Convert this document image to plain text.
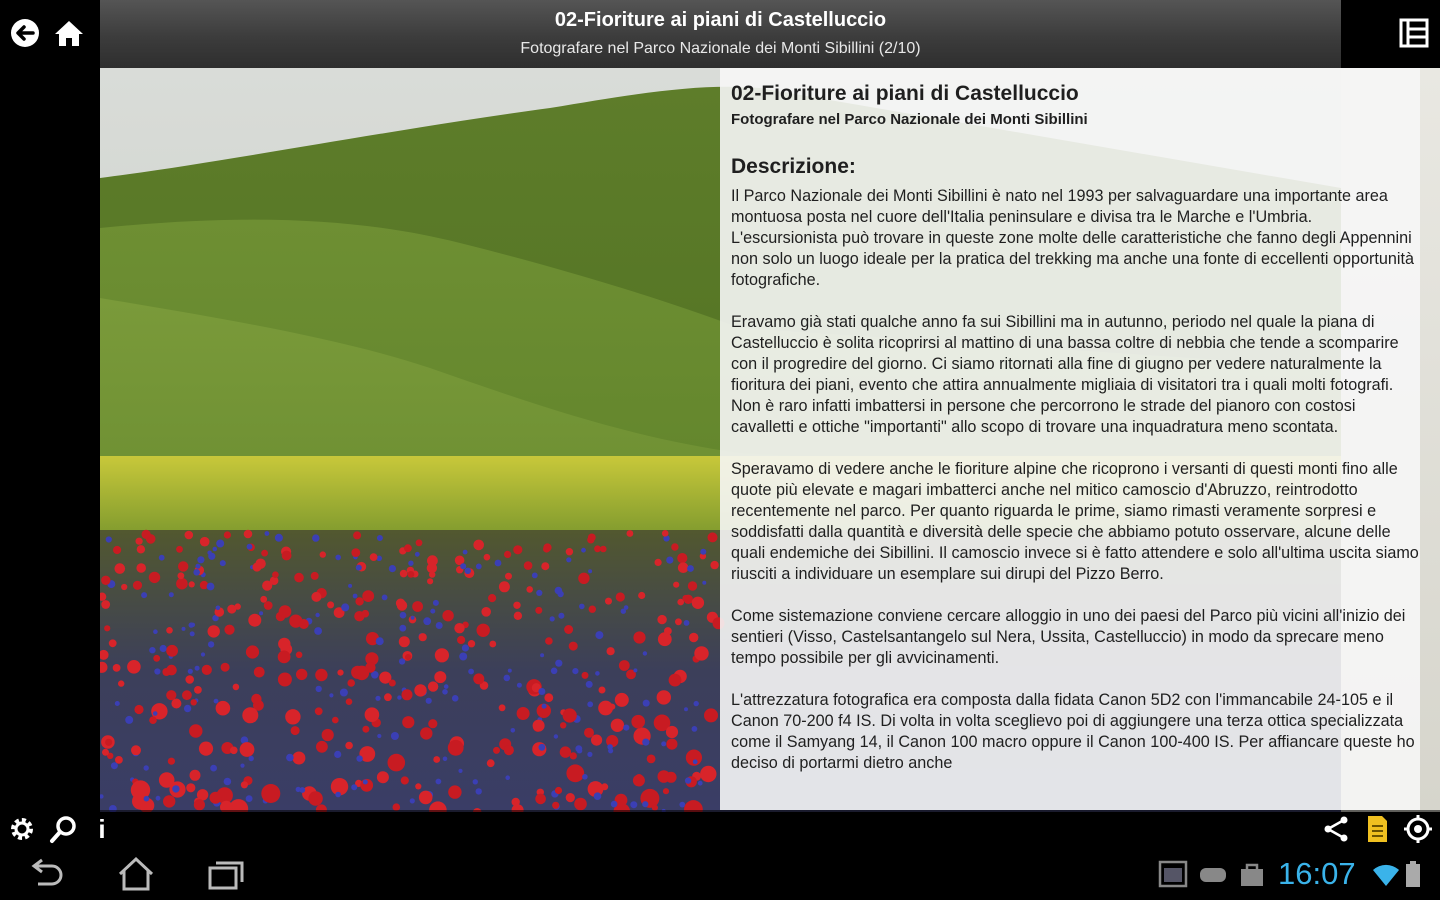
02-Fioriture ai piani di Castelluccio
Fotografare nel Parco Nazionale dei Monti Sibillini (2/10)
02-Fioriture ai piani di Castelluccio
Fotografare nel Parco Nazionale dei Monti Sibillini
Descrizione:

Il Parco Nazionale dei Monti Sibillini è nato nel 1993 per salvaguardare una importante area montuosa posta nel cuore dell'Italia peninsulare e divisa tra le Marche e l'Umbria. L'escursionista può trovare in queste zone molte delle caratteristiche che fanno degli Appennini non solo un luogo ideale per la pratica del trekking ma anche una fonte di eccellenti opportunità fotografiche.

Eravamo già stati qualche anno fa sui Sibillini ma in autunno, periodo nel quale la piana di Castelluccio è solita ricoprirsi al mattino di una bassa coltre di nebbia che tende a scomparire con il progredire del giorno. Ci siamo ritornati alla fine di giugno per vedere naturalmente la fioritura dei piani, evento che attira annualmente migliaia di visitatori tra i quali molti fotografi. Non è raro infatti imbattersi in persone che percorrono le strade del pianoro con costosi cavalletti e ottiche "importanti" allo scopo di trovare una inquadratura meno scontata.

Speravamo di vedere anche le fioriture alpine che ricoprono i versanti di questi monti fino alle quote più elevate e magari imbatterci anche nel mitico camoscio d'Abruzzo, reintrodotto recentemente nel parco. Per quanto riguarda le prime, siamo rimasti veramente sorpresi e soddisfatti dalla quantità e diversità delle specie che abbiamo potuto osservare, alcune delle quali endemiche dei Sibillini. Il camoscio invece si è fatto attendere e solo all'ultima uscita siamo riusciti a individuare un esemplare sui dirupi del Pizzo Berro.

Come sistemazione conviene cercare alloggio in uno dei paesi del Parco più vicini all'inizio dei sentieri (Visso, Castelsantangelo sul Nera, Ussita, Castelluccio) in modo da sprecare meno tempo possibile per gli avvicinamenti.

L'attrezzatura fotografica era composta dalla fidata Canon 5D2 con l'immancabile 24-105 e il Canon 70-200 f4 IS. Di volta in volta sceglievo poi di aggiungere una terza ottica specializzata come il Samyang 14, il Canon 100 macro oppure il Canon 100-400 IS. Per affiancare queste ho deciso di portarmi dietro anche

i
16:07
